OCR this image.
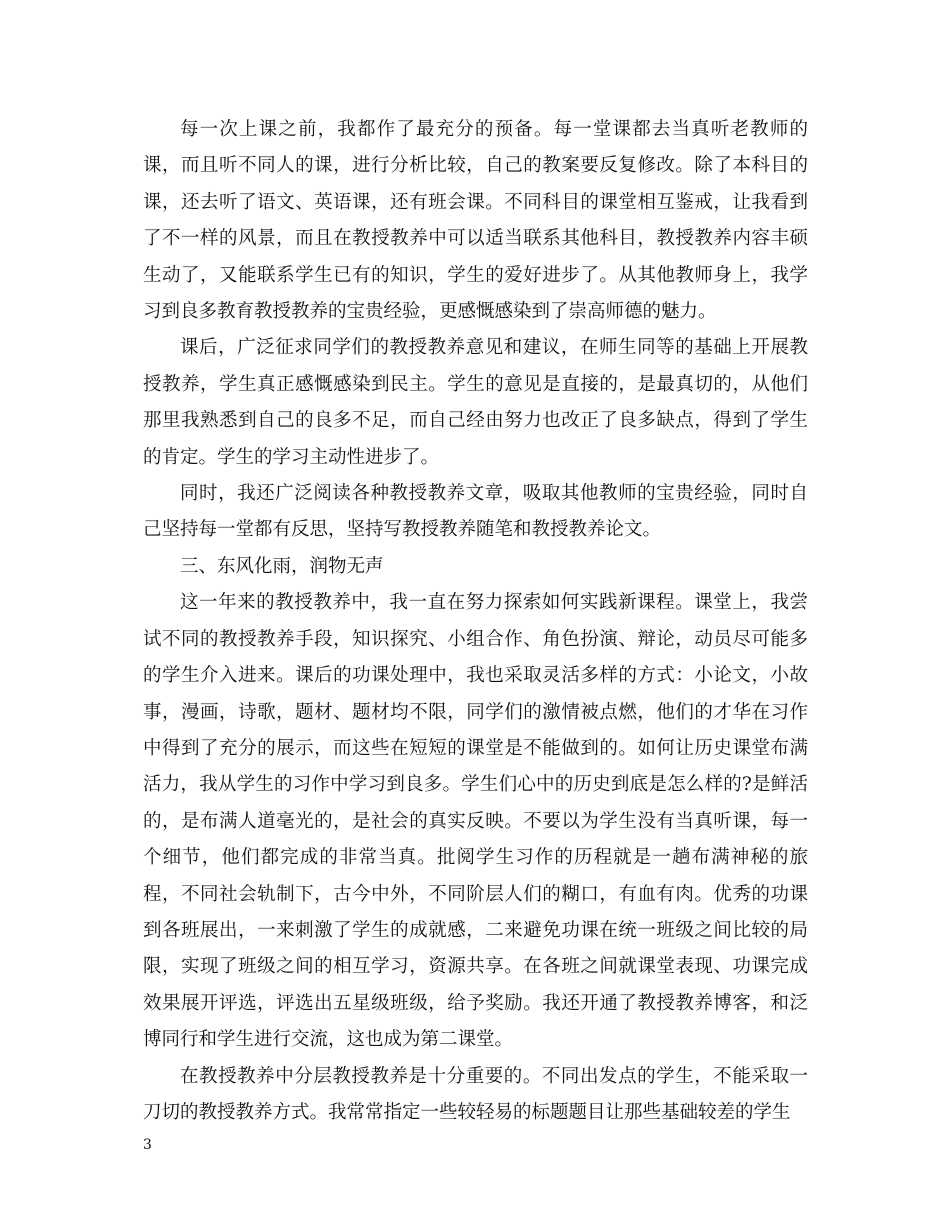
每一次上课之前，我都作了最充分的预备。每一堂课都去当真听老教师的课，而且听不同人的课，进行分析比较，自己的教案要反复修改。除了本科目的课，还去听了语文、英语课，还有班会课。不同科目的课堂相互鉴戒，让我看到了不一样的风景，而且在教授教养中可以适当联系其他科目，教授教养内容丰硕生动了，又能联系学生已有的知识，学生的爱好进步了。从其他教师身上，我学习到良多教育教授教养的宝贵经验，更感慨感染到了崇高师德的魅力。

课后，广泛征求同学们的教授教养意见和建议，在师生同等的基础上开展教授教养，学生真正感慨感染到民主。学生的意见是直接的，是最真切的，从他们那里我熟悉到自己的良多不足，而自己经由努力也改正了良多缺点，得到了学生的肯定。学生的学习主动性进步了。

同时，我还广泛阅读各种教授教养文章，吸取其他教师的宝贵经验，同时自己坚持每一堂都有反思，坚持写教授教养随笔和教授教养论文。

三、东风化雨，润物无声

这一年来的教授教养中，我一直在努力探索如何实践新课程。课堂上，我尝试不同的教授教养手段，知识探究、小组合作、角色扮演、辩论，动员尽可能多的学生介入进来。课后的功课处理中，我也采取灵活多样的方式：小论文，小故事，漫画，诗歌，题材、题材均不限，同学们的激情被点燃，他们的才华在习作中得到了充分的展示，而这些在短短的课堂是不能做到的。如何让历史课堂布满活力，我从学生的习作中学习到良多。学生们心中的历史到底是怎么样的?是鲜活的，是布满人道毫光的，是社会的真实反映。不要以为学生没有当真听课，每一个细节，他们都完成的非常当真。批阅学生习作的历程就是一趟布满神秘的旅程，不同社会轨制下，古今中外，不同阶层人们的糊口，有血有肉。优秀的功课到各班展出，一来刺激了学生的成就感，二来避免功课在统一班级之间比较的局限，实现了班级之间的相互学习，资源共享。在各班之间就课堂表现、功课完成效果展开评选，评选出五星级班级，给予奖励。我还开通了教授教养博客，和泛博同行和学生进行交流，这也成为第二课堂。

在教授教养中分层教授教养是十分重要的。不同出发点的学生，不能采取一刀切的教授教养方式。我常常指定一些较轻易的标题题目让那些基础较差的学生

3
